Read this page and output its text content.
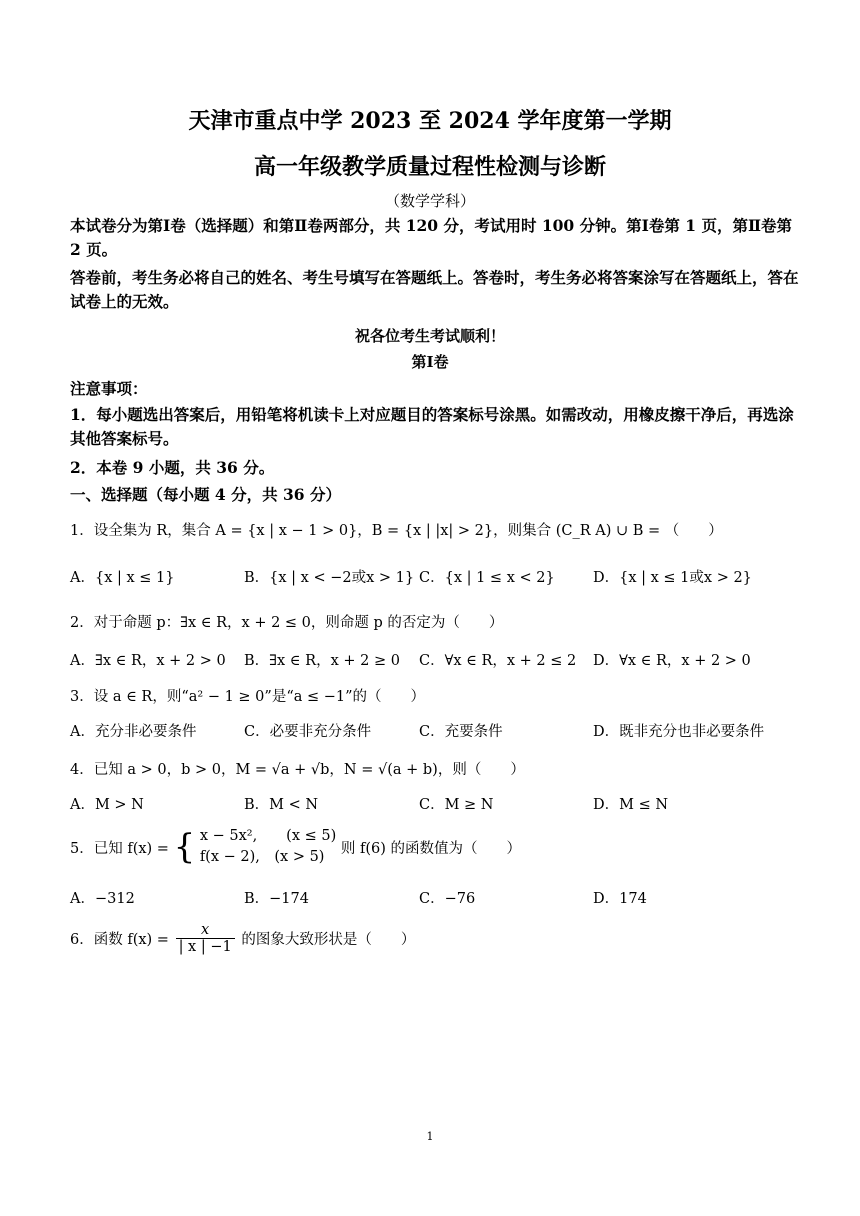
天津市重点中学 2023 至 2024 学年度第一学期
高一年级教学质量过程性检测与诊断
（数学学科）
本试卷分为第Ⅰ卷（选择题）和第Ⅱ卷两部分，共 120 分，考试用时 100 分钟。第Ⅰ卷第 1 页，第Ⅱ卷第 2 页。
答卷前，考生务必将自己的姓名、考生号填写在答题纸上。答卷时，考生务必将答案涂写在答题纸上，答在试卷上的无效。
祝各位考生考试顺利！
第Ⅰ卷
注意事项：
1．每小题选出答案后，用铅笔将机读卡上对应题目的答案标号涂黑。如需改动，用橡皮擦干净后，再选涂其他答案标号。
2．本卷 9 小题，共 36 分。
一、选择题（每小题 4 分，共 36 分）
1．设全集为 R，集合 A = {x | x − 1 > 0}，B = {x | |x| > 2}，则集合 (C_R A) ∪ B = （　　）
A．{x | x ≤ 1}	B．{x | x < −2或x > 1} C．{x | 1 ≤ x < 2}	D．{x | x ≤ 1或x > 2}
2．对于命题 p：∃x ∈ R，x + 2 ≤ 0，则命题 p 的否定为（　　）
A．∃x ∈ R，x + 2 > 0 B．∃x ∈ R，x + 2 ≥ 0 C．∀x ∈ R，x + 2 ≤ 2 D．∀x ∈ R，x + 2 > 0
3．设 a ∈ R，则“a² − 1 ≥ 0”是“a ≤ −1”的（　　）
A．充分非必要条件	C．必要非充分条件	C．充要条件	D．既非充分也非必要条件
4．已知 a > 0，b > 0，M = √a + √b，N = √(a + b)，则（　　）
A．M > N	B．M < N	C．M ≥ N	D．M ≤ N
5．已知 f(x) = { x − 5x²,　　(x ≤ 5)
f(x − 2),　(x > 5)
则 f(6) 的函数值为（　　）
A．−312	B．−174	C．−76	D．174
6．函数 $f(x) = \frac{x}{| x | -1}$ 的图象大致形状是（　　）
1
